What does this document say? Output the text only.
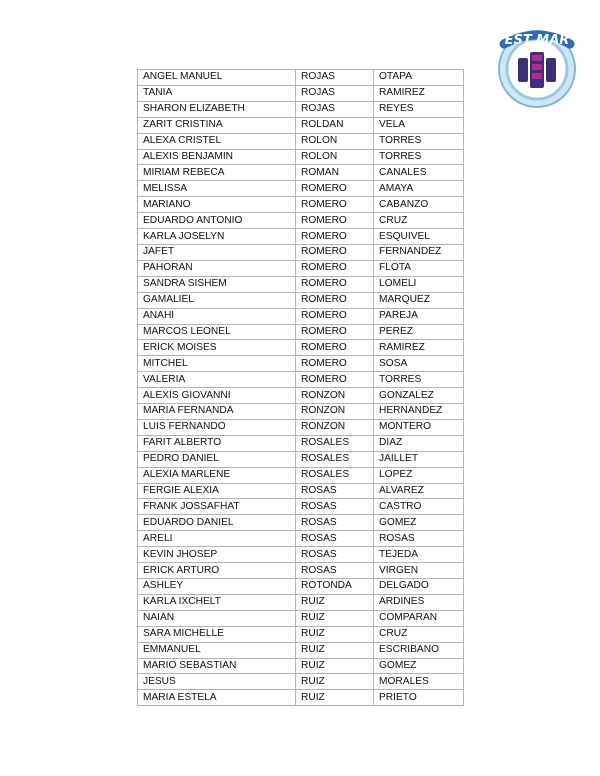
EST MAR
ANGEL MANUEL	ROJAS	OTAPA
TANIA	ROJAS	RAMIREZ
SHARON ELIZABETH	ROJAS	REYES
ZARIT CRISTINA	ROLDAN	VELA
ALEXA CRISTEL	ROLON	TORRES
ALEXIS BENJAMIN	ROLON	TORRES
MIRIAM REBECA	ROMAN	CANALES
MELISSA	ROMERO	AMAYA
MARIANO	ROMERO	CABANZO
EDUARDO ANTONIO	ROMERO	CRUZ
KARLA JOSELYN	ROMERO	ESQUIVEL
JAFET	ROMERO	FERNANDEZ
PAHORAN	ROMERO	FLOTA
SANDRA SISHEM	ROMERO	LOMELI
GAMALIEL	ROMERO	MARQUEZ
ANAHI	ROMERO	PAREJA
MARCOS LEONEL	ROMERO	PEREZ
ERICK MOISES	ROMERO	RAMIREZ
MITCHEL	ROMERO	SOSA
VALERIA	ROMERO	TORRES
ALEXIS GIOVANNI	RONZON	GONZALEZ
MARIA FERNANDA	RONZON	HERNANDEZ
LUIS FERNANDO	RONZON	MONTERO
FARIT ALBERTO	ROSALES	DIAZ
PEDRO DANIEL	ROSALES	JAILLET
ALEXIA MARLENE	ROSALES	LOPEZ
FERGIE ALEXIA	ROSAS	ALVAREZ
FRANK JOSSAFHAT	ROSAS	CASTRO
EDUARDO DANIEL	ROSAS	GOMEZ
ARELI	ROSAS	ROSAS
KEVIN JHOSEP	ROSAS	TEJEDA
ERICK ARTURO	ROSAS	VIRGEN
ASHLEY	ROTONDA	DELGADO
KARLA IXCHELT	RUIZ	ARDINES
NAIAN	RUIZ	COMPARAN
SARA MICHELLE	RUIZ	CRUZ
EMMANUEL	RUIZ	ESCRIBANO
MARIO SEBASTIAN	RUIZ	GOMEZ
JESUS	RUIZ	MORALES
MARIA ESTELA	RUIZ	PRIETO
